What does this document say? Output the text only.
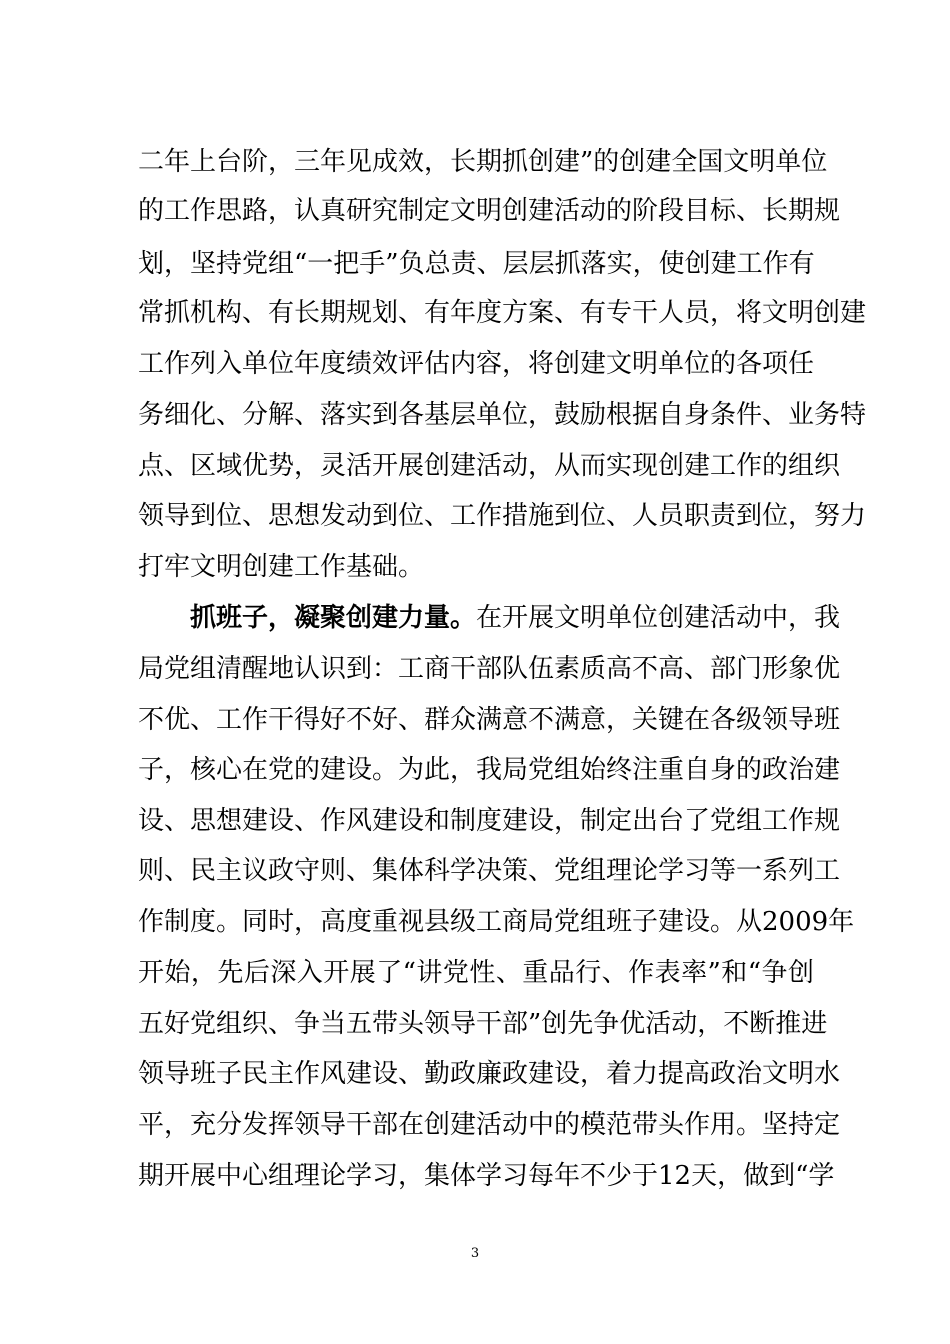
二年上台阶，三年见成效，长期抓创建”的创建全国文明单位
的工作思路，认真研究制定文明创建活动的阶段目标、长期规
划，坚持党组“一把手”负总责、层层抓落实，使创建工作有
常抓机构、有长期规划、有年度方案、有专干人员，将文明创建
工作列入单位年度绩效评估内容，将创建文明单位的各项任
务细化、分解、落实到各基层单位，鼓励根据自身条件、业务特
点、区域优势，灵活开展创建活动，从而实现创建工作的组织
领导到位、思想发动到位、工作措施到位、人员职责到位，努力
打牢文明创建工作基础。
抓班子，凝聚创建力量。在开展文明单位创建活动中，我
局党组清醒地认识到：工商干部队伍素质高不高、部门形象优
不优、工作干得好不好、群众满意不满意，关键在各级领导班
子，核心在党的建设。为此，我局党组始终注重自身的政治建
设、思想建设、作风建设和制度建设，制定出台了党组工作规
则、民主议政守则、集体科学决策、党组理论学习等一系列工
作制度。同时，高度重视县级工商局党组班子建设。从2009年
开始，先后深入开展了“讲党性、重品行、作表率”和“争创
五好党组织、争当五带头领导干部”创先争优活动，不断推进
领导班子民主作风建设、勤政廉政建设，着力提高政治文明水
平，充分发挥领导干部在创建活动中的模范带头作用。坚持定
期开展中心组理论学习，集体学习每年不少于12天，做到“学
3
